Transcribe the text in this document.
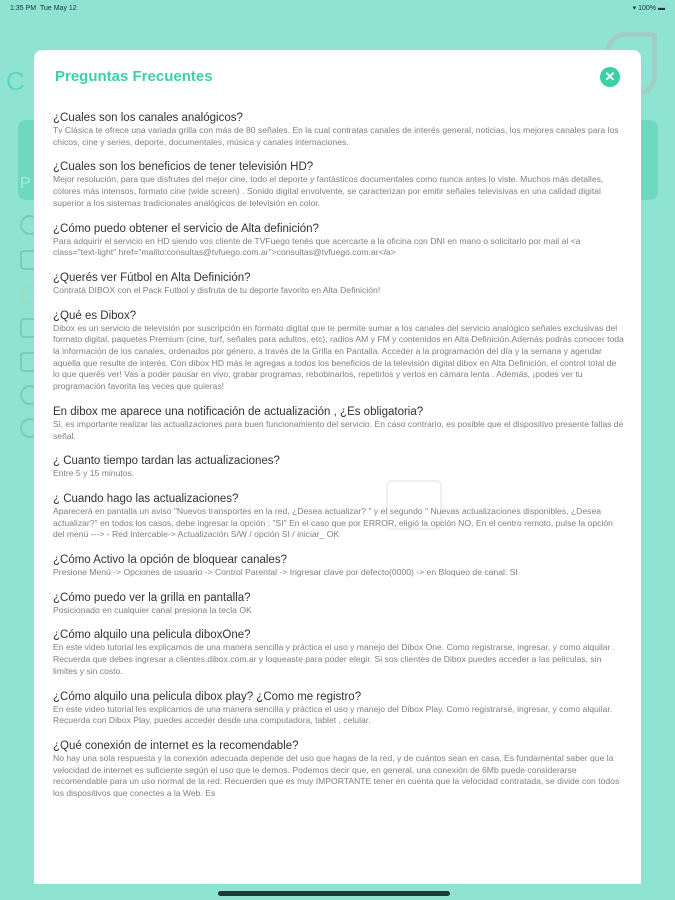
1:35 PM Tue May 12	▾ 100% ▬
P
C Preguntas Frecuentes	✕
¿Cuales son los canales analógicos?
Tv Clásica te ofrece una variada grilla con más de 80 señales. En la cual contratas canales de interés general, noticias, los mejores canales para los chicos, cine y series, deporte, documentales, música y canales internaciones.
¿Cuales son los beneficios de tener televisión HD?
Mejor resolución, para que disfrutes del mejor cine, todo el deporte y fantásticos documentales como nunca antes lo viste. Muchos más detalles, colores más intensos, formato cine (wide screen) . Sonido digital envolvente, se caracterizan por emitir señales televisivas en una calidad digital superior a los sistemas tradicionales analógicos de televisión en color.
¿Cómo puedo obtener el servicio de Alta definición?
Para adquirir el servicio en HD siendo vos cliente de TVFuego tenés que acercarte a la oficina con DNI en mano o solicitarlo por mail al <a class="text-light" href="mailto:consultas@tvfuego.com.ar">consultas@tvfuego.com.ar</a>
¿Querés ver Fútbol en Alta Definición?
Contratá DIBOX con el Pack Futbol y disfruta de tu deporte favorito en Alta Definición!
¿Qué es Dibox?
Dibox es un servicio de televisión por suscripción en formato digital que te permite sumar a los canales del servicio analógico señales exclusivas del formato digital, paquetes Premium (cine, turf, señales para adultos, etc), radios AM y FM y contenidos en Alta Definición.Además podrás conocer toda la información de los canales, ordenados por género, a través de la Grilla en Pantalla. Acceder a la programación del día y la semana y agendar aquella que resulte de interés. Con dibox HD más le agregas a todos los beneficios de la televisión digital dibox en Alta Definición, el control total de lo que querés ver! Vas a poder pausar en vivo, grabar programas, rebobinarlos, repetirlos y verlos en cámara lenta . Además, ¡podes ver tu programación favorita las veces que quieras!
En dibox me aparece una notificación de actualización , ¿Es obligatoria?
Si, es importante realizar las actualizaciones para buen funcionamiento del servicio. En caso contrario, es posible que el dispositivo presente fallas de señal.
¿ Cuanto tiempo tardan las actualizaciones?
Entre 5 y 15 minutos.
¿ Cuando hago las actualizaciones?
Aparecerá en pantalla un aviso "Nuevos transportes en la red, ¿Desea actualizar? " y el segundo " Nuevas actualizaciones disponibles, ¿Desea actualizar?" en todos los casos, debe ingresar la opción : "SI" En el caso que por ERROR, eligió la opción NO, En el centro remoto, pulse la opción del menú ---> - Red Intercable-> Actualización S/W / opción SI / iniciar_ OK
¿Cómo Activo la opción de bloquear canales?
Presione Menú -> Opciones de usuario -> Control Parental -> Ingresar clave por defecto(0000) -> en Bloqueo de canal: SI
¿Cómo puedo ver la grilla en pantalla?
Posicionado en cualquier canal presiona la tecla OK
¿Cómo alquilo una pelicula diboxOne?
En este video tutorial les explicamos de una manera sencilla y práctica el uso y manejo del Dibox One. Como registrarse, ingresar, y como alquilar . Recuerda que debes ingresar a clientes.dibox.com.ar y loqueaste para poder elegir. Si sos clientes de Dibox puedes acceder a las peliculas, sin limites y sin costo.
¿Cómo alquilo una pelicula dibox play? ¿Como me registro?
En este video tutorial les explicamos de una manera sencilla y práctica el uso y manejo del Dibox Play. Como registrarse, ingresar, y como alquilar. Recuerda con Dibox Play, puedes acceder desde una computadora, tablet , celular.
¿Qué conexión de internet es la recomendable?
No hay una sola respuesta y la conexión adecuada depende del uso que hagas de la red, y de cuántos sean en casa. Es fundamental saber que la velocidad de internet es suficiente según el uso que le demos. Podemos decir que, en general, una conexión de 6Mb puede considerarse recomendable para un uso normal de la red. Recuerden que es muy IMPORTANTE tener en cuenta que la velocidad contratada, se divide con todos los dispositivos que conectes a la Web. Es
